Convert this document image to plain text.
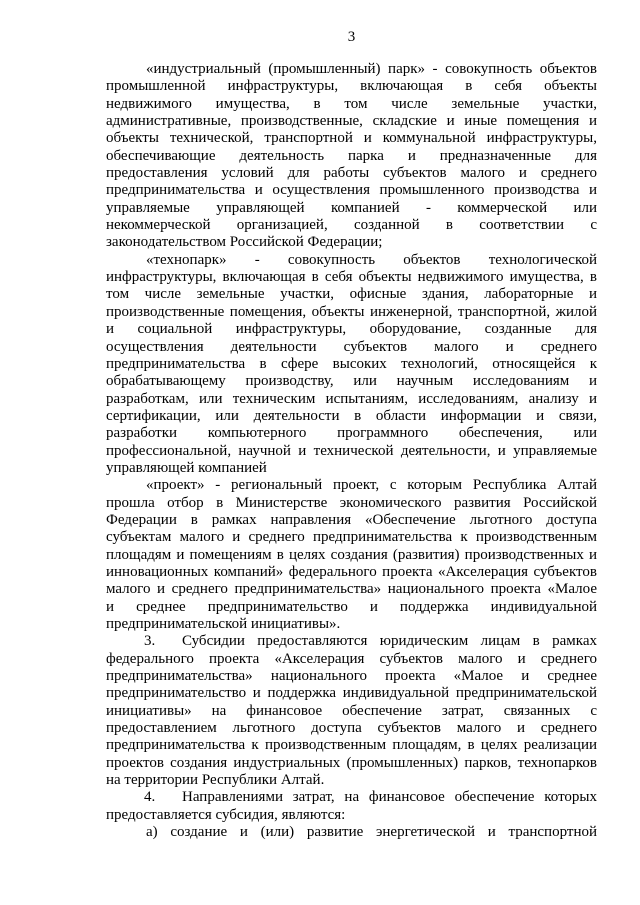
3
«индустриальный (промышленный) парк» - совокупность объектов
промышленной инфраструктуры, включающая в себя объекты
недвижимого имущества, в том числе земельные участки,
административные, производственные, складские и иные помещения и
объекты технической, транспортной и коммунальной инфраструктуры,
обеспечивающие деятельность парка и предназначенные для
предоставления условий для работы субъектов малого и среднего
предпринимательства и осуществления промышленного производства и
управляемые управляющей компанией - коммерческой или
некоммерческой организацией, созданной в соответствии с
законодательством Российской Федерации;
«технопарк» - совокупность объектов технологической
инфраструктуры, включающая в себя объекты недвижимого имущества, в
том числе земельные участки, офисные здания, лабораторные и
производственные помещения, объекты инженерной, транспортной, жилой
и социальной инфраструктуры, оборудование, созданные для
осуществления деятельности субъектов малого и среднего
предпринимательства в сфере высоких технологий, относящейся к
обрабатывающему производству, или научным исследованиям и
разработкам, или техническим испытаниям, исследованиям, анализу и
сертификации, или деятельности в области информации и связи,
разработки компьютерного программного обеспечения, или
профессиональной, научной и технической деятельности, и управляемые
управляющей компанией
«проект» - региональный проект, с которым Республика Алтай
прошла отбор в Министерстве экономического развития Российской
Федерации в рамках направления «Обеспечение льготного доступа
субъектам малого и среднего предпринимательства к производственным
площадям и помещениям в целях создания (развития) производственных и
инновационных компаний» федерального проекта «Акселерация субъектов
малого и среднего предпринимательства» национального проекта «Малое
и среднее предпринимательство и поддержка индивидуальной
предпринимательской инициативы».
3.	Субсидии предоставляются юридическим лицам в рамках
федерального проекта «Акселерация субъектов малого и среднего
предпринимательства» национального проекта «Малое и среднее
предпринимательство и поддержка индивидуальной предпринимательской
инициативы» на финансовое обеспечение затрат, связанных с
предоставлением льготного доступа субъектов малого и среднего
предпринимательства к производственным площадям, в целях реализации
проектов создания индустриальных (промышленных) парков, технопарков
на территории Республики Алтай.
4.	Направлениями затрат, на финансовое обеспечение которых
предоставляется субсидия, являются:
а) создание и (или) развитие энергетической и транспортной
